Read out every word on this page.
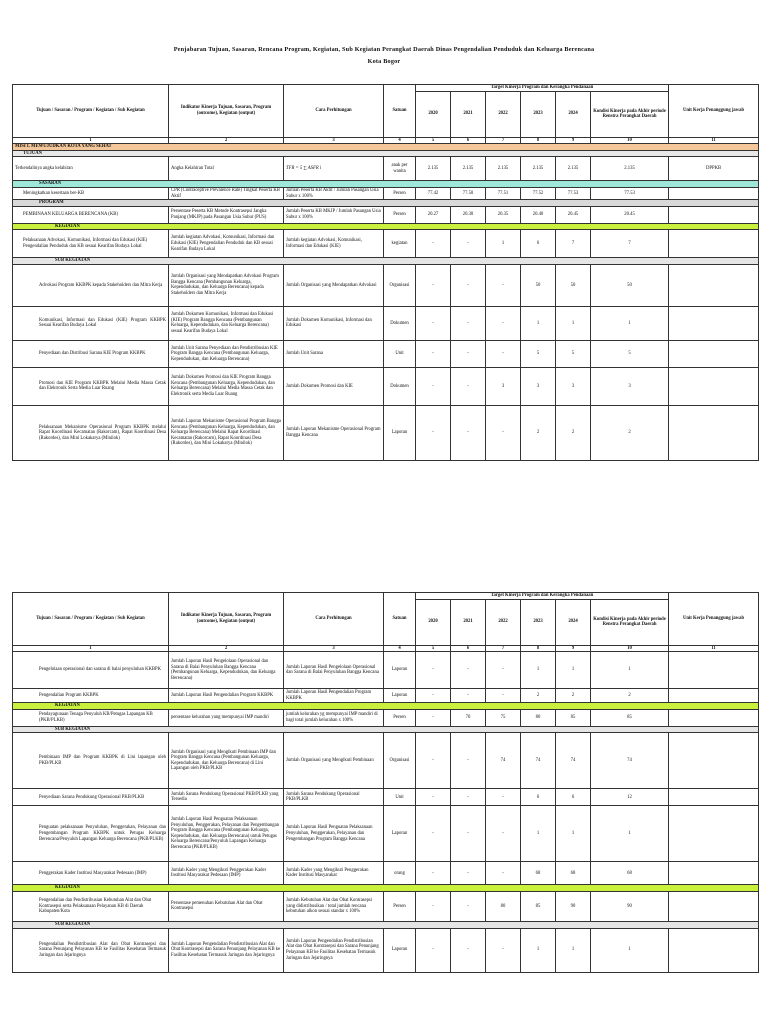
Penjabaran Tujuan, Sasaran, Rencana Program, Kegiatan, Sub Kegiatan Perangkat Daerah Dinas Pengendalian Penduduk dan Keluarga Berencana
Kota Bogor
Tujuan / Sasaran / Program / Kegiatan / Sub Kegiatan	Indikator Kinerja Tujuan, Sasaran, Program (outcome), Kegiatan (output)	Cara Perhitungan	Satuan	Target Kinerja Program dan Kerangka Pendanaan						Unit Kerja Penanggung jawab
				2020	2021	2022	2023	2024	Kondisi Kinerja pada Akhir periode Renstra Perangkat Daerah	
1	2	3	4	5	6	7	8	9	10	11
MISI I. MEWUJUDKAN KOTA YANG SEHAT										
TUJUAN										
Terkendalinya angka kelahiran	Angka Kelahiran Total	TFR = 5 ∑ ASFR i	anak per wanita	2.135	2.135	2.135	2.135	2.135	2.135	DPPKB
SASARAN										
Meningkatkan kesertaan ber-KB	CPR (Contraceptive Prevalence Rate) Tingkat Peserta KB Aktif	Jumlah Peserta KB Aktif / Jumlah Pasangan Usia Subur x 100%	Persen	77.42	77.50	77.51	77.52	77.53	77.53	
PROGRAM										
PEMBINAAN KELUARGA BERENCANA (KB)	Persentase Peserta KB Metode Kontrasepsi Jangka Panjang (MKJP) pada Pasangan Usia Subur (PUS)	Jumlah Peserta KB MKJP / Jumlah Pasangan Usia Subur x 100%	Persen	20.27	20.30	20.35	20.40	20.45	20.45	
KEGIATAN										
Pelaksanaan Advokasi, Komunikasi, Informasi dan Edukasi (KIE) Pengendalian Penduduk dan KB sesuai Kearifan Budaya Lokal	Jumlah kegiatan Advokasi, Komunikasi, Informasi dan Edukasi (KIE) Pengendalian Penduduk dan KB sesuai Kearifan Budaya Lokal	Jumlah kegiatan Advokasi, Komunikasi, Informasi dan Edukasi (KIE)	kegiatan	-	-	1	6	7	7	
SUB KEGIATAN										
Advokasi Program KKBPK kepada Stakeholders dan Mitra Kerja	Jumlah Organisasi yang Mendapatkan Advokasi Program Bangga Kencana (Pembangunan Keluarga, Kependudukan, dan Keluarga Berencana) kepada Stakeholders dan Mitra Kerja	Jumlah Organisasi yang Mendapatkan Advokasi	Organisasi	-	-	-	50	50	50	
Komunikasi, Informasi dan Edukasi (KIE) Program KKBPK Sesuai Kearifan Budaya Lokal	Jumlah Dokumen Komunikasi, Informasi dan Edukasi (KIE) Program Bangga Kencana (Pembangunan Keluarga, Kependudukan, dan Keluarga Berencana) sesuai Kearifan Budaya Lokal	Jumlah Dokumen Komunikasi, Informasi dan Edukasi	Dokumen	-	-	-	1	1	1	
Penyediaan dan Distribusi Sarana KIE Program KKBPK	Jumlah Unit Sarana Penyediaan dan Pendistribusian KIE Program Bangga Kencana (Pembangunan Keluarga, Kependudukan, dan Keluarga Berencana)	Jumlah Unit Sarana	Unit	-	-	-	5	5	5	
Promosi dan KIE Program KKBPK Melalui Media Massa Cetak dan Elektronik Serta Media Luar Ruang	Jumlah Dokumen Promosi dan KIE Program Bangga Kencana (Pembangunan Keluarga, Kependudukan, dan Keluarga Berencana) Melalui Media Massa Cetak dan Elektronik serta Media Luar Ruang	Jumlah Dokumen Promosi dan KIE	Dokumen	-	-	3	3	3	3	
Pelaksanaan Mekanisme Operasional Program KKBPK melalui Rapat Koordinasi Kecamatan (Rakorcam), Rapat Koordinasi Desa (Rakordes), dan Mini Lokakarya (Minilok)	Jumlah Laporan Mekanisme Operasional Program Bangga Kencana (Pembangunan Keluarga, Kependudukan, dan Keluarga Berencana) Melalui Rapat Koordinasi Kecamatan (Rakorcam), Rapat Koordinasi Desa (Rakordes), dan Mini Lokakarya (Minilok)	Jumlah Laporan Mekanisme Operasional Program Bangga Kencana	Laporan	-	-	-	2	2	2	
Tujuan / Sasaran / Program / Kegiatan / Sub Kegiatan	Indikator Kinerja Tujuan, Sasaran, Program (outcome), Kegiatan (output)	Cara Perhitungan	Satuan	Target Kinerja Program dan Kerangka Pendanaan						Unit Kerja Penanggung jawab
				2020	2021	2022	2023	2024	Kondisi Kinerja pada Akhir periode Renstra Perangkat Daerah	
1	2	3	4	5	6	7	8	9	10	11
Pengelolaan operasional dan sarana di balai penyuluhan KKBPK	Jumlah Laporan Hasil Pengelolaan Operasional dan Sarana di Balai Penyuluhan Bangga Kencana (Pembangunan Keluarga, Kependudukan, dan Keluarga Berencana)	Jumlah Laporan Hasil Pengelolaan Operasional dan Sarana di Balai Penyuluhan Bangga Kencana	Laporan	-	-	-	1	1	1	
Pengendalian Program KKBPK	Jumlah Laporan Hasil Pengendalian Program KKBPK	Jumlah Laporan Hasil Pengendalian Program KKBPK	Laporan	-	-	-	2	2	2	
KEGIATAN										
Pendayagunaan Tenaga Penyuluh KB/Petugas Lapangan KB (PKB/PLKB)	persentase kelurahan yang mempunyai IMP mandiri	jumlah kelurahan yg mempunyai IMP mandiri di bagi total jumlah kelurahan x 100%	Persen	-	70	75	80	85	85	
SUB KEGIATAN										
Pembinaan IMP dan Program KKBPK di Lini lapangan oleh PKB/PLKB	Jumlah Organisasi yang Mengikuti Pembinaan IMP dan Program Bangga Kencana (Pembangunan Keluarga, Kependudukan, dan Keluarga Berencana) di Lini Lapangan oleh PKB/PLKB	Jumlah Organisasi yang Mengikuti Pembinaan	Organisasi	-	-	74	74	74	74	
Penyediaan Sarana Pendukung Operasional PKB/PLKB	Jumlah Sarana Pendukung Operasional PKB/PLKB yang Tersedia	Jumlah Sarana Pendukung Operasional PKB/PLKB	Unit	-	-	-	6	6	12	
Penguatan pelaksanaan Penyuluhan, Penggerakan, Pelayanan dan Pengembangan Program KKBPK untuk Petugas Keluarga Berencana/Penyuluh Lapangan Keluarga Berencana (PKB/PLKB)	Jumlah Laporan Hasil Penguatan Pelaksanaan Penyuluhan, Penggerakan, Pelayanan dan Pengembangan Program Bangga Kencana (Pembangunan Keluarga, Kependudukan, dan Keluarga Berencana) untuk Petugas Keluarga Berencana/Penyuluh Lapangan Keluarga Berencana (PKB/PLKB)	Jumlah Laporan Hasil Penguatan Pelaksanaan Penyuluhan, Penggerakan, Pelayanan dan Pengembangan Program Bangga Kencana	Laporan	-	-	-	1	1	1	
Penggerakan Kader Institusi Masyarakat Pedesaan (IMP)	Jumlah Kader yang Mengikuti Penggerakan Kader Institusi Masyarakat Pedesaan (IMP)	Jumlah Kader yang Mengikuti Penggerakan Kader Institusi Masyarakat	orang	-	-	-	68	68	68	
KEGIATAN										
Pengendalian dan Pendistribusian Kebutuhan Alat dan Obat Kontrasepsi serta Pelaksanaan Pelayanan KB di Daerah Kabupaten/Kota	Persentase pemenuhan Kebutuhan Alat dan Obat Kontrasepsi	Jumlah Kebutuhan Alat dan Obat Kontrasepsi yang didistribusikan / total jumlah rencana kebutuhan alkon sesuai standar x 100%	Persen	-	-	80	85	90	90	
SUB KEGIATAN										
Pengendalian Pendistribusian Alat dan Obat Kontrasepsi dan Sarana Penunjang Pelayanan KB ke Fasilitas Kesehatan Termasuk Jaringan dan Jejaringnya	Jumlah Laporan Pengendalian Pendistribusian Alat dan Obat Kontrasepsi dan Sarana Penunjang Pelayanan KB ke Fasilitas Kesehatan Termasuk Jaringan dan Jejaringnya	Jumlah Laporan Pengendalian Pendistribusian Alat dan Obat Kontrasepsi dan Sarana Penunjang Pelayanan KB ke Fasilitas Kesehatan Termasuk Jaringan dan Jejaringnya	Laporan	-	-	-	1	1	1	
